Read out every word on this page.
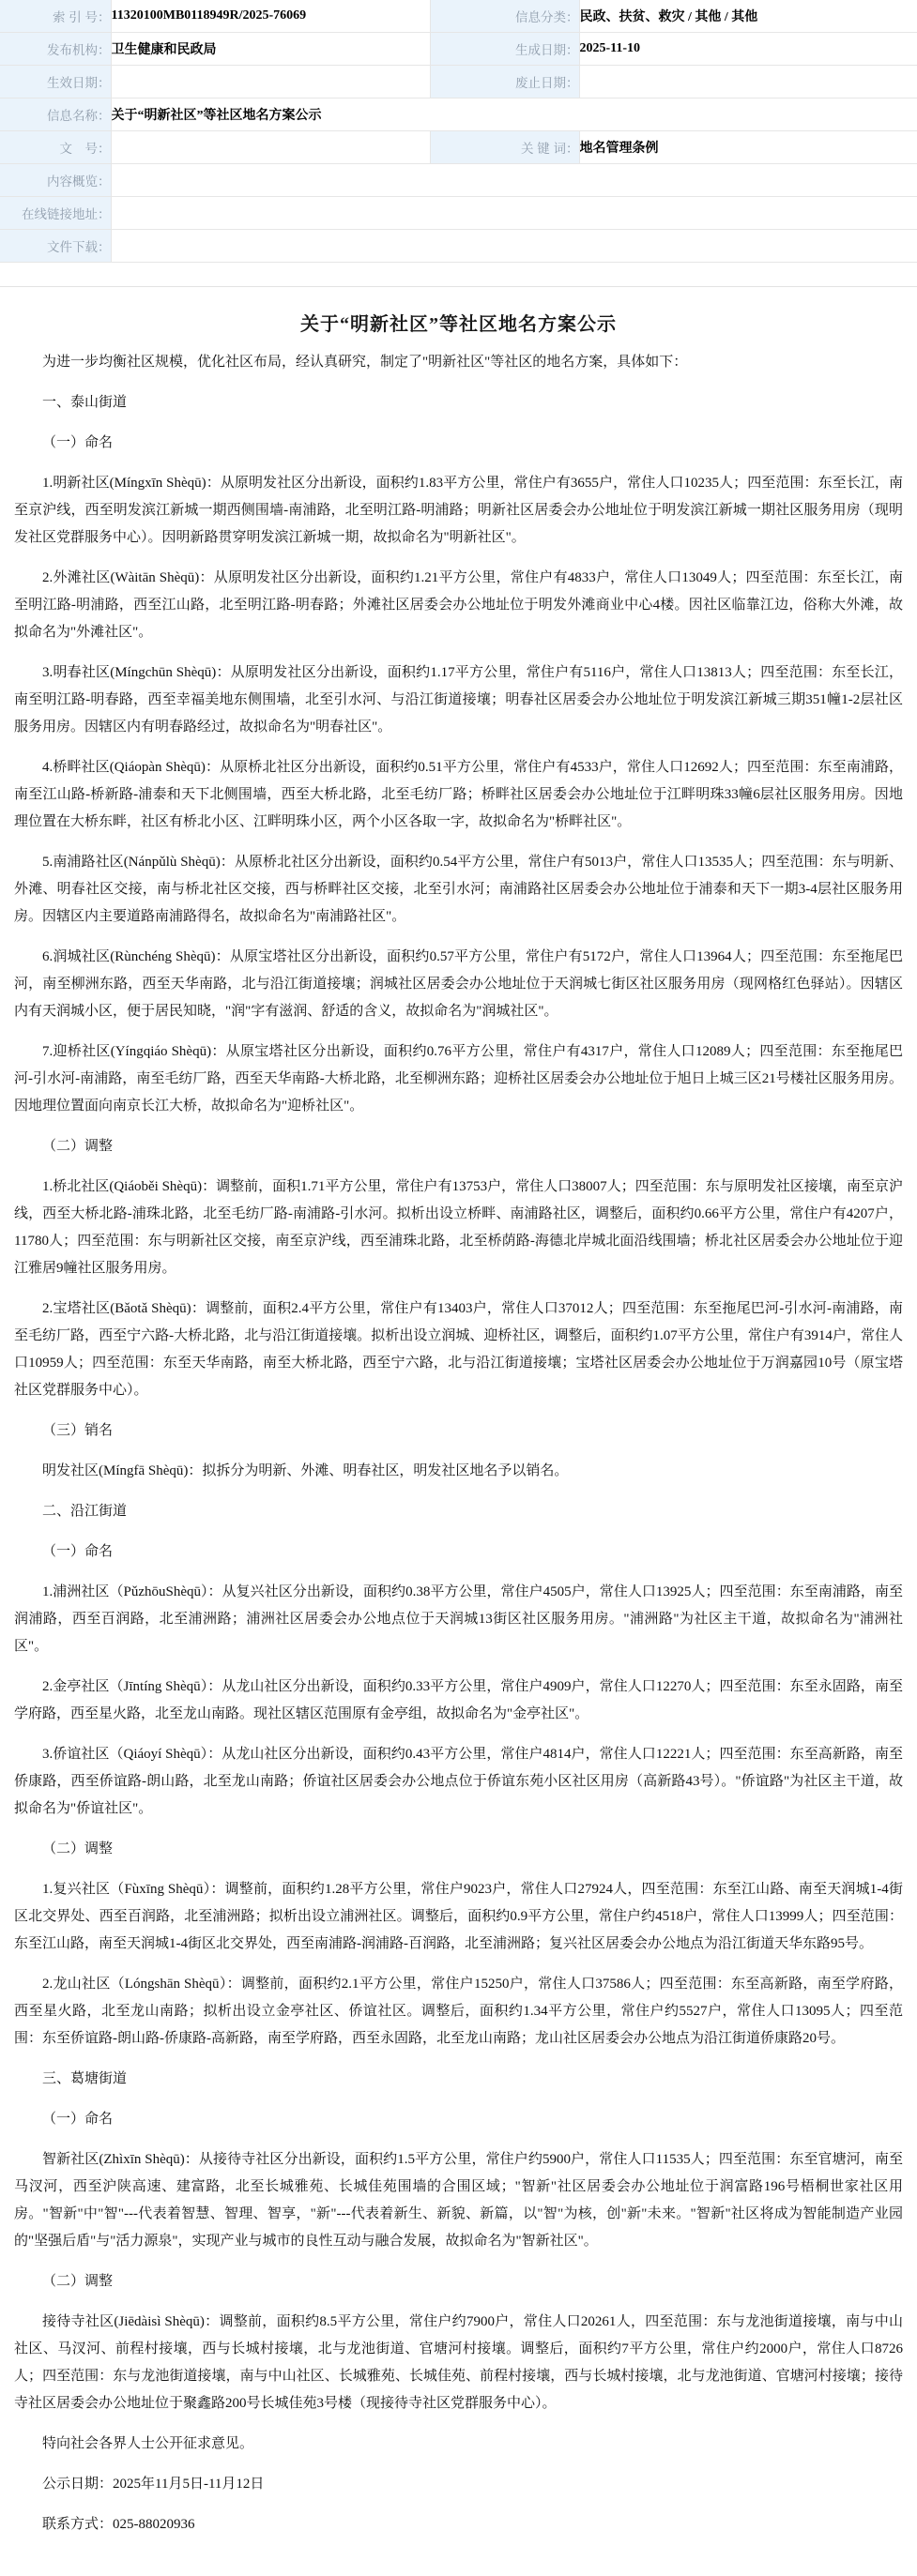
索 引 号：	11320100MB0118949R/2025-76069	信息分类：	民政、扶贫、救灾 / 其他 / 其他
发布机构：	卫生健康和民政局	生成日期：	2025-11-10
生效日期：		废止日期：	
信息名称：	关于“明新社区”等社区地名方案公示		
文　号：		关 键 词：	地名管理条例
内容概览：			
在线链接地址：			
文件下载：			
关于“明新社区”等社区地名方案公示

为进一步均衡社区规模，优化社区布局，经认真研究，制定了"明新社区"等社区的地名方案，具体如下：

一、泰山街道

（一）命名

1.明新社区(Míngxīn Shèqū)：从原明发社区分出新设，面积约1.83平方公里，常住户有3655户，常住人口10235人；四至范围：东至长江，南至京沪线，西至明发滨江新城一期西侧围墙-南浦路，北至明江路-明浦路；明新社区居委会办公地址位于明发滨江新城一期社区服务用房（现明发社区党群服务中心）。因明新路贯穿明发滨江新城一期，故拟命名为"明新社区"。

2.外滩社区(Wàitān Shèqū)：从原明发社区分出新设，面积约1.21平方公里，常住户有4833户，常住人口13049人；四至范围：东至长江，南至明江路-明浦路，西至江山路，北至明江路-明春路；外滩社区居委会办公地址位于明发外滩商业中心4楼。因社区临靠江边，俗称大外滩，故拟命名为"外滩社区"。

3.明春社区(Míngchūn Shèqū)：从原明发社区分出新设，面积约1.17平方公里，常住户有5116户，常住人口13813人；四至范围：东至长江，南至明江路-明春路，西至幸福美地东侧围墙，北至引水河、与沿江街道接壤；明春社区居委会办公地址位于明发滨江新城三期351幢1-2层社区服务用房。因辖区内有明春路经过，故拟命名为"明春社区"。

4.桥畔社区(Qiáopàn Shèqū)：从原桥北社区分出新设，面积约0.51平方公里，常住户有4533户，常住人口12692人；四至范围：东至南浦路，南至江山路-桥新路-浦泰和天下北侧围墙，西至大桥北路，北至毛纺厂路；桥畔社区居委会办公地址位于江畔明珠33幢6层社区服务用房。因地理位置在大桥东畔，社区有桥北小区、江畔明珠小区，两个小区各取一字，故拟命名为"桥畔社区"。

5.南浦路社区(Nánpǔlù Shèqū)：从原桥北社区分出新设，面积约0.54平方公里，常住户有5013户，常住人口13535人；四至范围：东与明新、外滩、明春社区交接，南与桥北社区交接，西与桥畔社区交接，北至引水河；南浦路社区居委会办公地址位于浦泰和天下一期3-4层社区服务用房。因辖区内主要道路南浦路得名，故拟命名为"南浦路社区"。

6.润城社区(Rùnchéng Shèqū)：从原宝塔社区分出新设，面积约0.57平方公里，常住户有5172户，常住人口13964人；四至范围：东至拖尾巴河，南至柳洲东路，西至天华南路，北与沿江街道接壤；润城社区居委会办公地址位于天润城七街区社区服务用房（现网格红色驿站）。因辖区内有天润城小区，便于居民知晓，"润"字有滋润、舒适的含义，故拟命名为"润城社区"。

7.迎桥社区(Yíngqiáo Shèqū)：从原宝塔社区分出新设，面积约0.76平方公里，常住户有4317户，常住人口12089人；四至范围：东至拖尾巴河-引水河-南浦路，南至毛纺厂路，西至天华南路-大桥北路，北至柳洲东路；迎桥社区居委会办公地址位于旭日上城三区21号楼社区服务用房。因地理位置面向南京长江大桥，故拟命名为"迎桥社区"。

（二）调整

1.桥北社区(Qiáoběi Shèqū)：调整前，面积1.71平方公里，常住户有13753户，常住人口38007人；四至范围：东与原明发社区接壤，南至京沪线，西至大桥北路-浦珠北路，北至毛纺厂路-南浦路-引水河。拟析出设立桥畔、南浦路社区，调整后，面积约0.66平方公里，常住户有4207户，11780人；四至范围：东与明新社区交接，南至京沪线，西至浦珠北路，北至桥荫路-海德北岸城北面沿线围墙；桥北社区居委会办公地址位于迎江雅居9幢社区服务用房。

2.宝塔社区(Bǎotǎ Shèqū)：调整前，面积2.4平方公里，常住户有13403户，常住人口37012人；四至范围：东至拖尾巴河-引水河-南浦路，南至毛纺厂路，西至宁六路-大桥北路，北与沿江街道接壤。拟析出设立润城、迎桥社区，调整后，面积约1.07平方公里，常住户有3914户，常住人口10959人；四至范围：东至天华南路，南至大桥北路，西至宁六路，北与沿江街道接壤；宝塔社区居委会办公地址位于万润嘉园10号（原宝塔社区党群服务中心）。

（三）销名

明发社区(Míngfā Shèqū)：拟拆分为明新、外滩、明春社区，明发社区地名予以销名。

二、沿江街道

（一）命名

1.浦洲社区（PǔzhōuShèqū）：从复兴社区分出新设，面积约0.38平方公里，常住户4505户，常住人口13925人；四至范围：东至南浦路，南至润浦路，西至百润路，北至浦洲路；浦洲社区居委会办公地点位于天润城13街区社区服务用房。"浦洲路"为社区主干道，故拟命名为"浦洲社区"。

2.金亭社区（Jīntíng Shèqū）：从龙山社区分出新设，面积约0.33平方公里，常住户4909户，常住人口12270人；四至范围：东至永固路，南至学府路，西至星火路，北至龙山南路。现社区辖区范围原有金亭组，故拟命名为"金亭社区"。

3.侨谊社区（Qiáoyí Shèqū）：从龙山社区分出新设，面积约0.43平方公里，常住户4814户，常住人口12221人；四至范围：东至高新路，南至侨康路，西至侨谊路-朗山路，北至龙山南路；侨谊社区居委会办公地点位于侨谊东苑小区社区用房（高新路43号）。"侨谊路"为社区主干道，故拟命名为"侨谊社区"。

（二）调整

1.复兴社区（Fùxīng Shèqū）：调整前，面积约1.28平方公里，常住户9023户，常住人口27924人，四至范围：东至江山路、南至天润城1-4街区北交界处、西至百润路，北至浦洲路；拟析出设立浦洲社区。调整后，面积约0.9平方公里，常住户约4518户，常住人口13999人；四至范围：东至江山路，南至天润城1-4街区北交界处，西至南浦路-润浦路-百润路，北至浦洲路；复兴社区居委会办公地点为沿江街道天华东路95号。

2.龙山社区（Lóngshān Shèqū）：调整前，面积约2.1平方公里，常住户15250户，常住人口37586人；四至范围：东至高新路，南至学府路，西至星火路，北至龙山南路；拟析出设立金亭社区、侨谊社区。调整后，面积约1.34平方公里，常住户约5527户，常住人口13095人；四至范围：东至侨谊路-朗山路-侨康路-高新路，南至学府路，西至永固路，北至龙山南路；龙山社区居委会办公地点为沿江街道侨康路20号。

三、葛塘街道

（一）命名

智新社区(Zhìxīn Shèqū)：从接待寺社区分出新设，面积约1.5平方公里，常住户约5900户，常住人口11535人；四至范围：东至官塘河，南至马汊河，西至沪陕高速、建富路，北至长城雅苑、长城佳苑围墙的合围区域；"智新"社区居委会办公地址位于润富路196号梧桐世家社区用房。"智新"中"智"---代表着智慧、智理、智享，"新"---代表着新生、新貌、新篇，以"智"为核，创"新"未来。"智新"社区将成为智能制造产业园的"坚强后盾"与"活力源泉"，实现产业与城市的良性互动与融合发展，故拟命名为"智新社区"。

（二）调整

接待寺社区(Jiēdàisì Shèqū)：调整前，面积约8.5平方公里，常住户约7900户，常住人口20261人，四至范围：东与龙池街道接壤，南与中山社区、马汊河、前程村接壤，西与长城村接壤，北与龙池街道、官塘河村接壤。调整后，面积约7平方公里，常住户约2000户，常住人口8726人；四至范围：东与龙池街道接壤，南与中山社区、长城雅苑、长城佳苑、前程村接壤，西与长城村接壤，北与龙池街道、官塘河村接壤；接待寺社区居委会办公地址位于聚鑫路200号长城佳苑3号楼（现接待寺社区党群服务中心）。

特向社会各界人士公开征求意见。

公示日期：2025年11月5日-11月12日

联系方式：025-88020936
